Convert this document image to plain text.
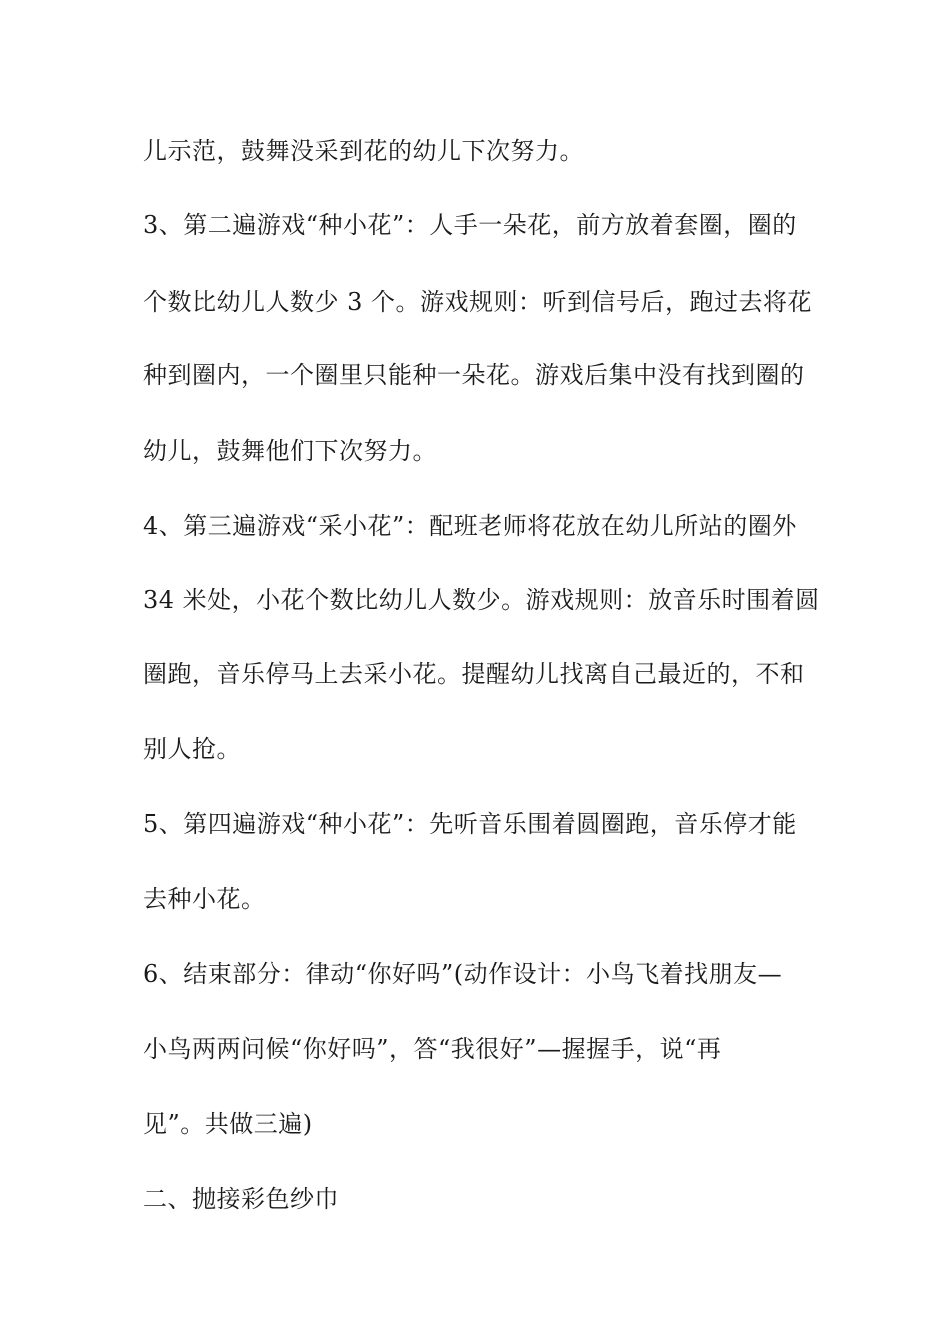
儿示范，鼓舞没采到花的幼儿下次努力。
3、第二遍游戏“种小花”：人手一朵花，前方放着套圈，圈的
个数比幼儿人数少 3 个。游戏规则：听到信号后，跑过去将花
种到圈内，一个圈里只能种一朵花。游戏后集中没有找到圈的
幼儿，鼓舞他们下次努力。
4、第三遍游戏“采小花”：配班老师将花放在幼儿所站的圈外
34 米处，小花个数比幼儿人数少。游戏规则：放音乐时围着圆
圈跑，音乐停马上去采小花。提醒幼儿找离自己最近的，不和
别人抢。
5、第四遍游戏“种小花”：先听音乐围着圆圈跑，音乐停才能
去种小花。
6、结束部分：律动“你好吗”(动作设计：小鸟飞着找朋友—
小鸟两两问候“你好吗”，答“我很好”—握握手，说“再
见”。共做三遍)
二、抛接彩色纱巾
